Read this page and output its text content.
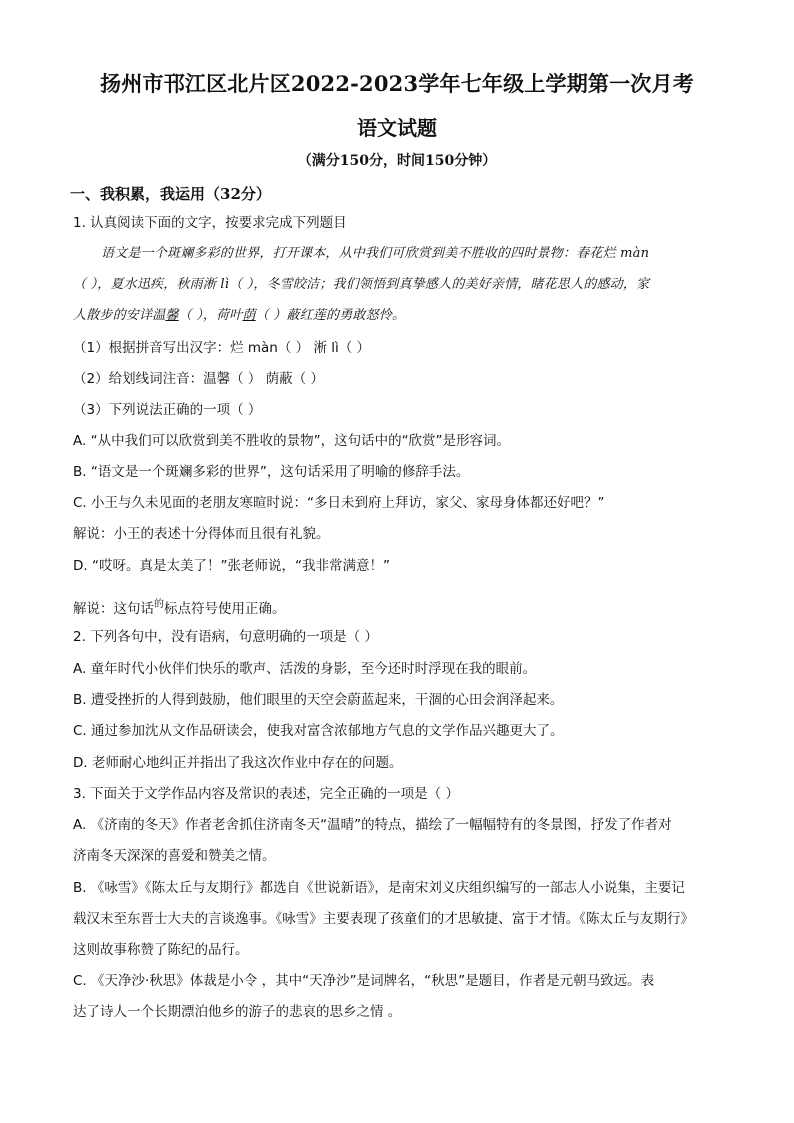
扬州市邗江区北片区2022-2023学年七年级上学期第一次月考
语文试题
（满分150分，时间150分钟）
一、我积累，我运用（32分）
1. 认真阅读下面的文字，按要求完成下列题目
语文是一个斑斓多彩的世界，打开课本，从中我们可欣赏到美不胜收的四时景物：春花烂 màn
（ ），夏水迅疾，秋雨淅 lì（ ），冬雪皎洁；我们领悟到真挚感人的美好亲情，睹花思人的感动，家
人散步的安详温馨（ ），荷叶荫（ ）蔽红莲的勇敢怒怜。
（1）根据拼音写出汉字：烂 màn（ ） 淅 lì（ ）
（2）给划线词注音：温馨（ ） 荫蔽（ ）
（3）下列说法正确的一项（ ）
A. “从中我们可以欣赏到美不胜收的景物”，这句话中的“欣赏”是形容词。
B. “语文是一个斑斓多彩的世界”，这句话采用了明喻的修辞手法。
C. 小王与久未见面的老朋友寒暄时说：“多日未到府上拜访，家父、家母身体都还好吧？”
解说：小王的表述十分得体而且很有礼貌。
D. “哎呀。真是太美了！”张老师说，“我非常满意！”
解说：这句话$^的$标点符号使用正确。
2. 下列各句中，没有语病，句意明确的一项是（ ）
A. 童年时代小伙伴们快乐的歌声、活泼的身影，至今还时时浮现在我的眼前。
B. 遭受挫折的人得到鼓励，他们眼里的天空会蔚蓝起来，干涸的心田会润泽起来。
C. 通过参加沈从文作品研读会，使我对富含浓郁地方气息的文学作品兴趣更大了。
D. 老师耐心地纠正并指出了我这次作业中存在的问题。
3. 下面关于文学作品内容及常识的表述，完全正确的一项是（ ）
A. 《济南的冬天》作者老舍抓住济南冬天“温晴”的特点，描绘了一幅幅特有的冬景图，抒发了作者对
济南冬天深深的喜爱和赞美之情。
B. 《咏雪》《陈太丘与友期行》都选自《世说新语》，是南宋刘义庆组织编写的一部志人小说集，主要记
载汉末至东晋士大夫的言谈逸事。《咏雪》主要表现了孩童们的才思敏捷、富于才情。《陈太丘与友期行》
这则故事称赞了陈纪的品行。
C. 《天净沙·秋思》体裁是小令 ，其中“天净沙”是词牌名，“秋思”是题目，作者是元朝马致远。表
达了诗人一个长期漂泊他乡的游子的悲哀的思乡之情 。
